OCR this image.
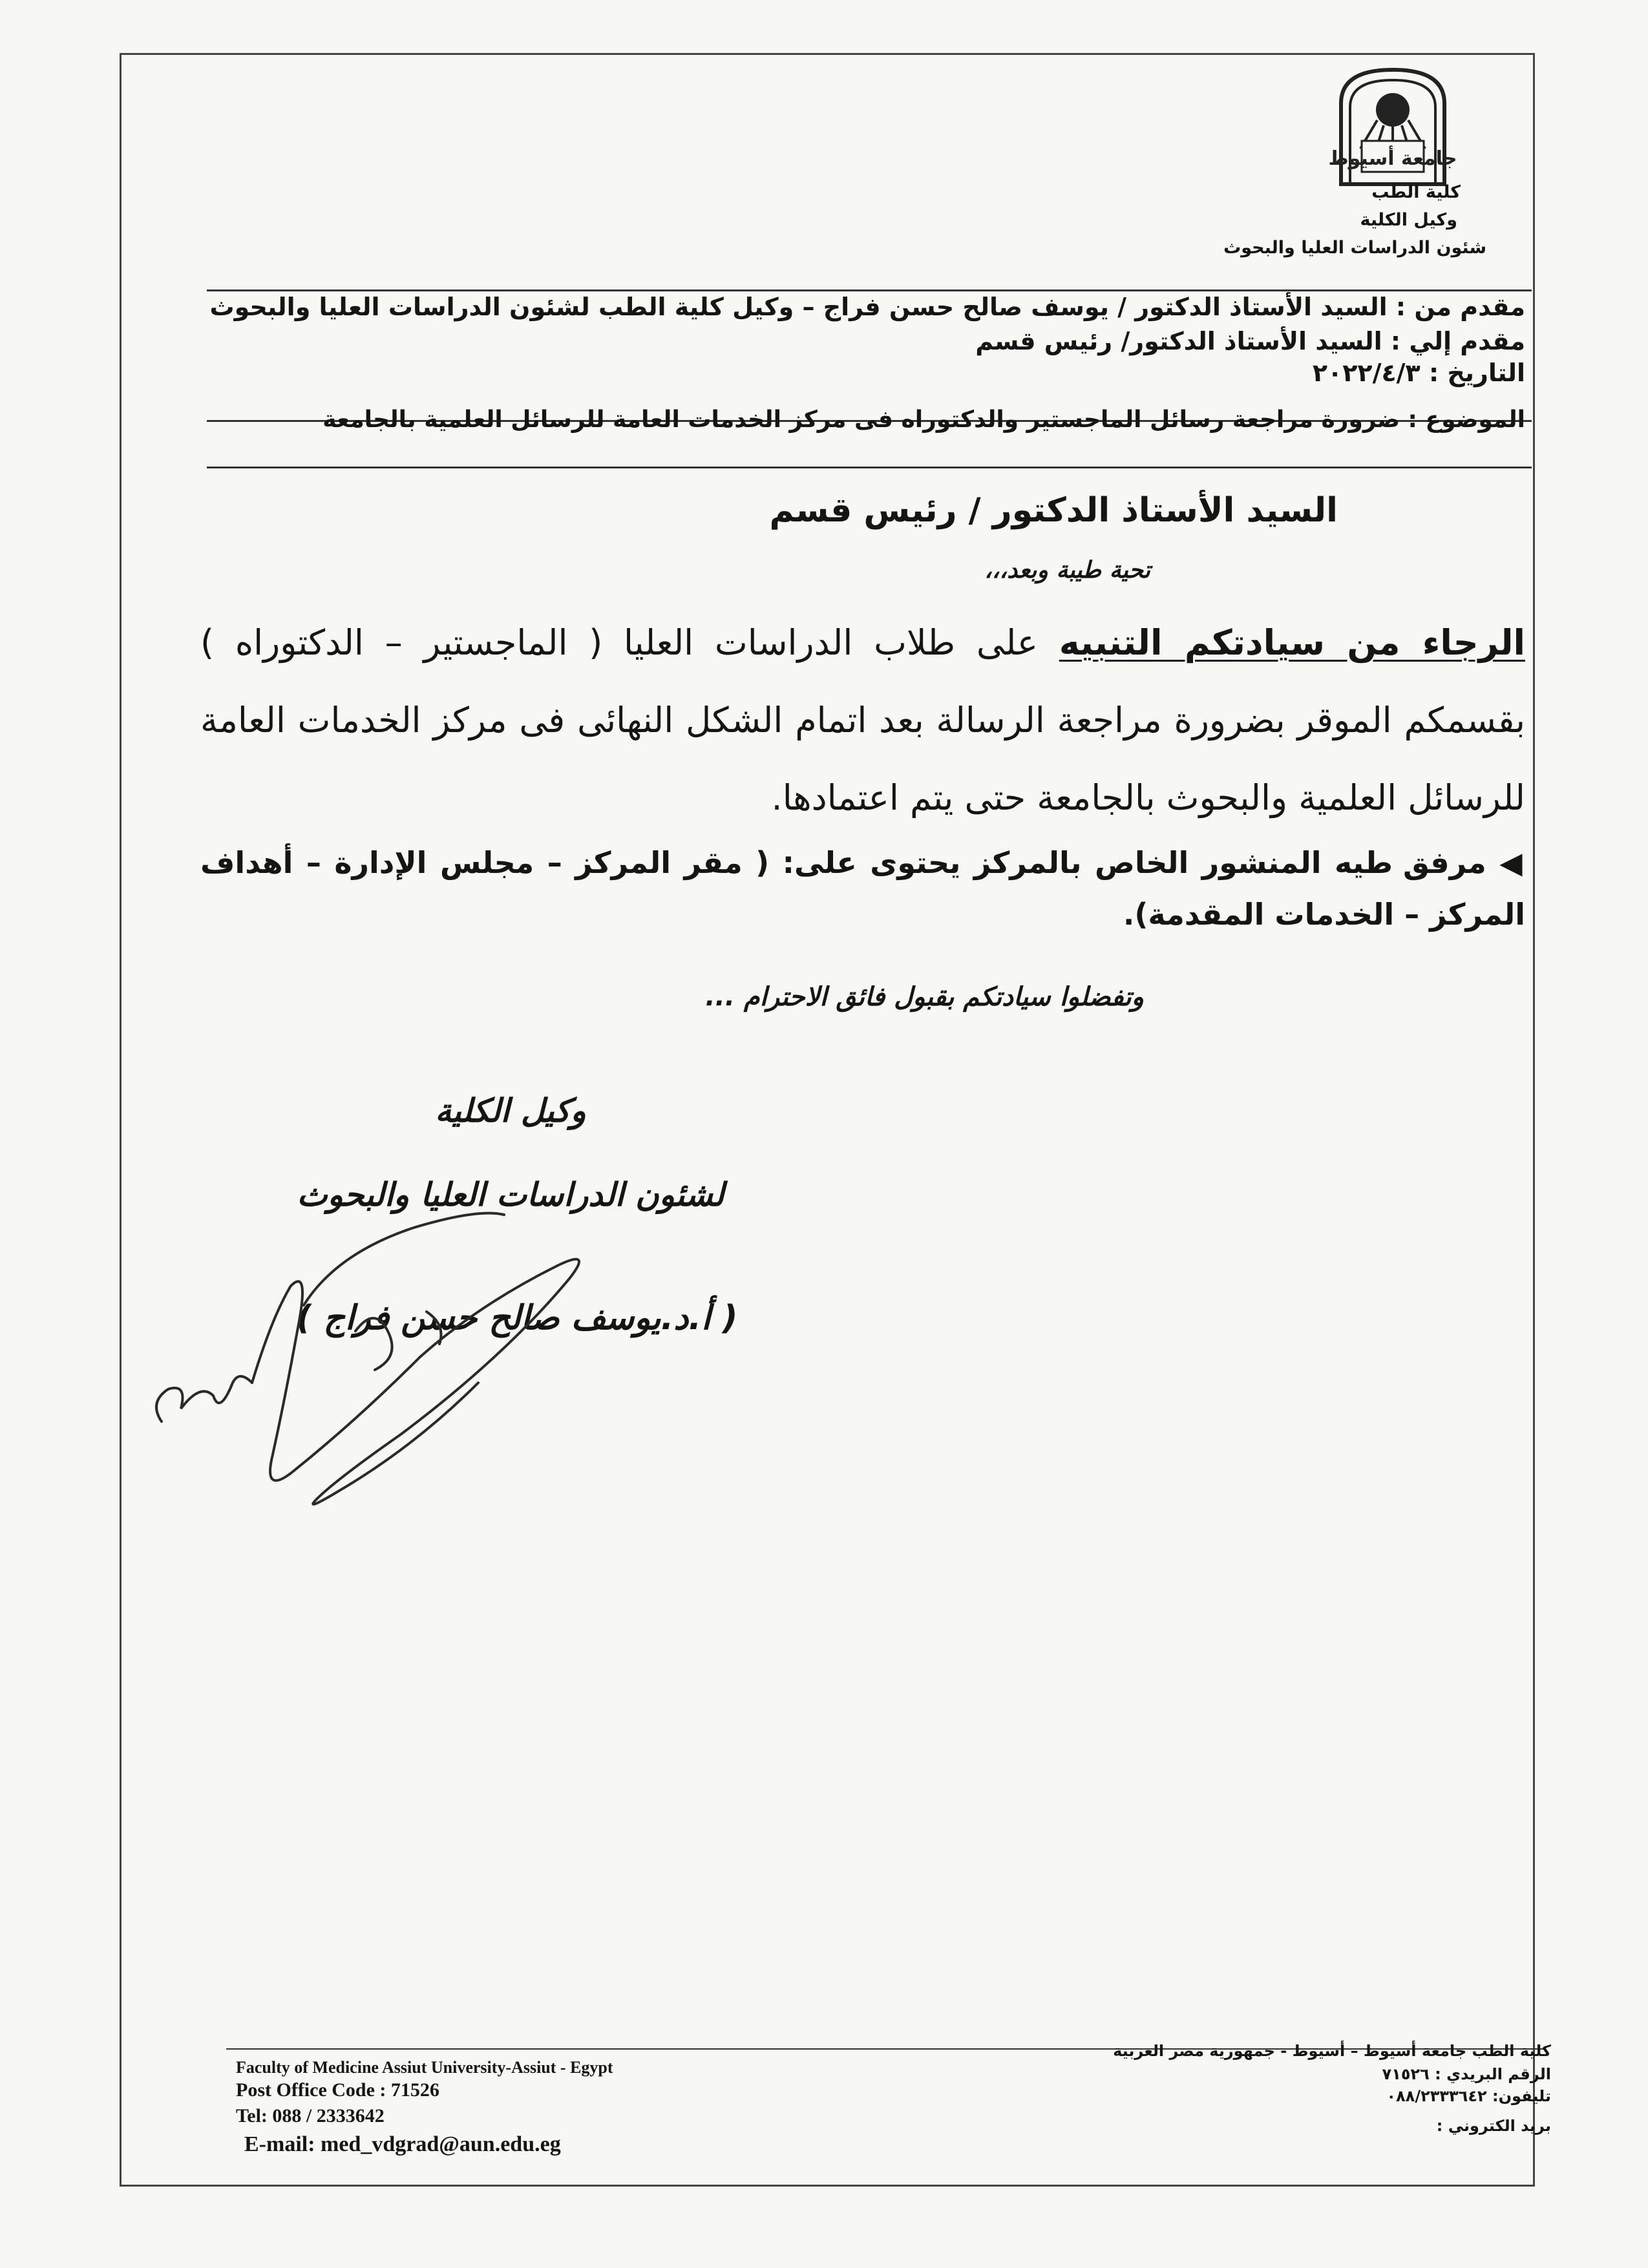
جامعة أسيوط
كلية الطب
وكيل الكلية
شئون الدراسات العليا والبحوث
مقدم من : السيد الأستاذ الدكتور / يوسف صالح حسن فراج – وكيل كلية الطب لشئون الدراسات العليا والبحوث
مقدم إلي : السيد الأستاذ الدكتور/ رئيس قسم
التاريخ : ٢٠٢٢/٤/٣
الموضوع : ضرورة مراجعة رسائل الماجستير والدكتوراه فى مركز الخدمات العامة للرسائل العلمية بالجامعة
السيد الأستاذ الدكتور / رئيس قسم
تحية طيبة وبعد،،،
الرجاء من سيادتكم التنبيه على طلاب الدراسات العليا ( الماجستير – الدكتوراه ) بقسمكم الموقر بضرورة مراجعة الرسالة بعد اتمام الشكل النهائى فى مركز الخدمات العامة للرسائل العلمية والبحوث بالجامعة حتى يتم اعتمادها.
◀ مرفق طيه المنشور الخاص بالمركز يحتوى على: ( مقر المركز – مجلس الإدارة – أهداف المركز – الخدمات المقدمة).
وتفضلوا سيادتكم بقبول فائق الاحترام ...
وكيل الكلية
لشئون الدراسات العليا والبحوث
( أ.د.يوسف صالح حسن فراج )
Faculty of Medicine Assiut University-Assiut - Egypt
Post Office Code : 71526
Tel: 088 / 2333642
E-mail: med_vdgrad@aun.edu.eg
كلية الطب جامعة أسيوط – أسيوط - جمهورية مصر العربية
الرقم البريدي : ٧١٥٢٦
تليفون: ٠٨٨/٢٣٣٣٦٤٢
بريد الكتروني :
